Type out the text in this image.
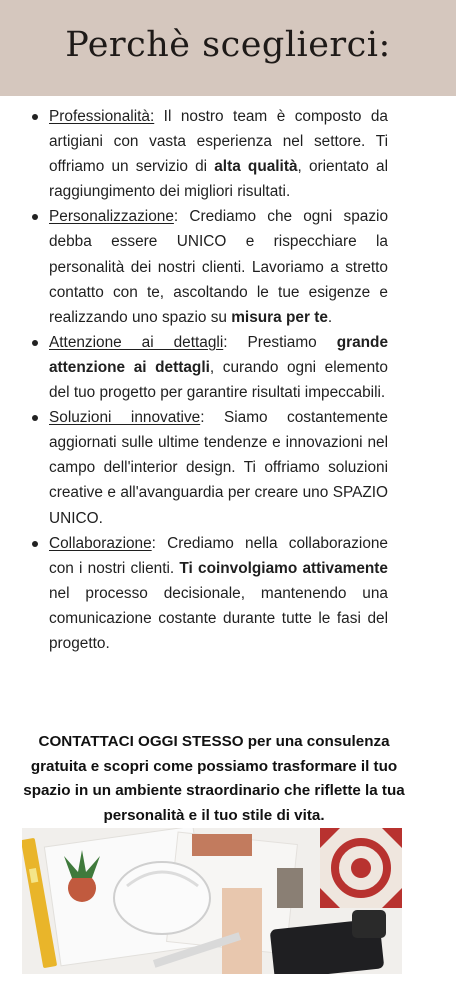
Perchè sceglierci:
Professionalità: Il nostro team è composto da artigiani con vasta esperienza nel settore. Ti offriamo un servizio di alta qualità, orientato al raggiungimento dei migliori risultati.
Personalizzazione: Crediamo che ogni spazio debba essere UNICO e rispecchiare la personalità dei nostri clienti. Lavoriamo a stretto contatto con te, ascoltando le tue esigenze e realizzando uno spazio su misura per te.
Attenzione ai dettagli: Prestiamo grande attenzione ai dettagli, curando ogni elemento del tuo progetto per garantire risultati impeccabili.
Soluzioni innovative: Siamo costantemente aggiornati sulle ultime tendenze e innovazioni nel campo dell'interior design. Ti offriamo soluzioni creative e all'avanguardia per creare uno SPAZIO UNICO.
Collaborazione: Crediamo nella collaborazione con i nostri clienti. Ti coinvolgiamo attivamente nel processo decisionale, mantenendo una comunicazione costante durante tutte le fasi del progetto.
CONTATTACI OGGI STESSO per una consulenza gratuita e scopri come possiamo trasformare il tuo spazio in un ambiente straordinario che riflette la tua personalità e il tuo stile di vita.
